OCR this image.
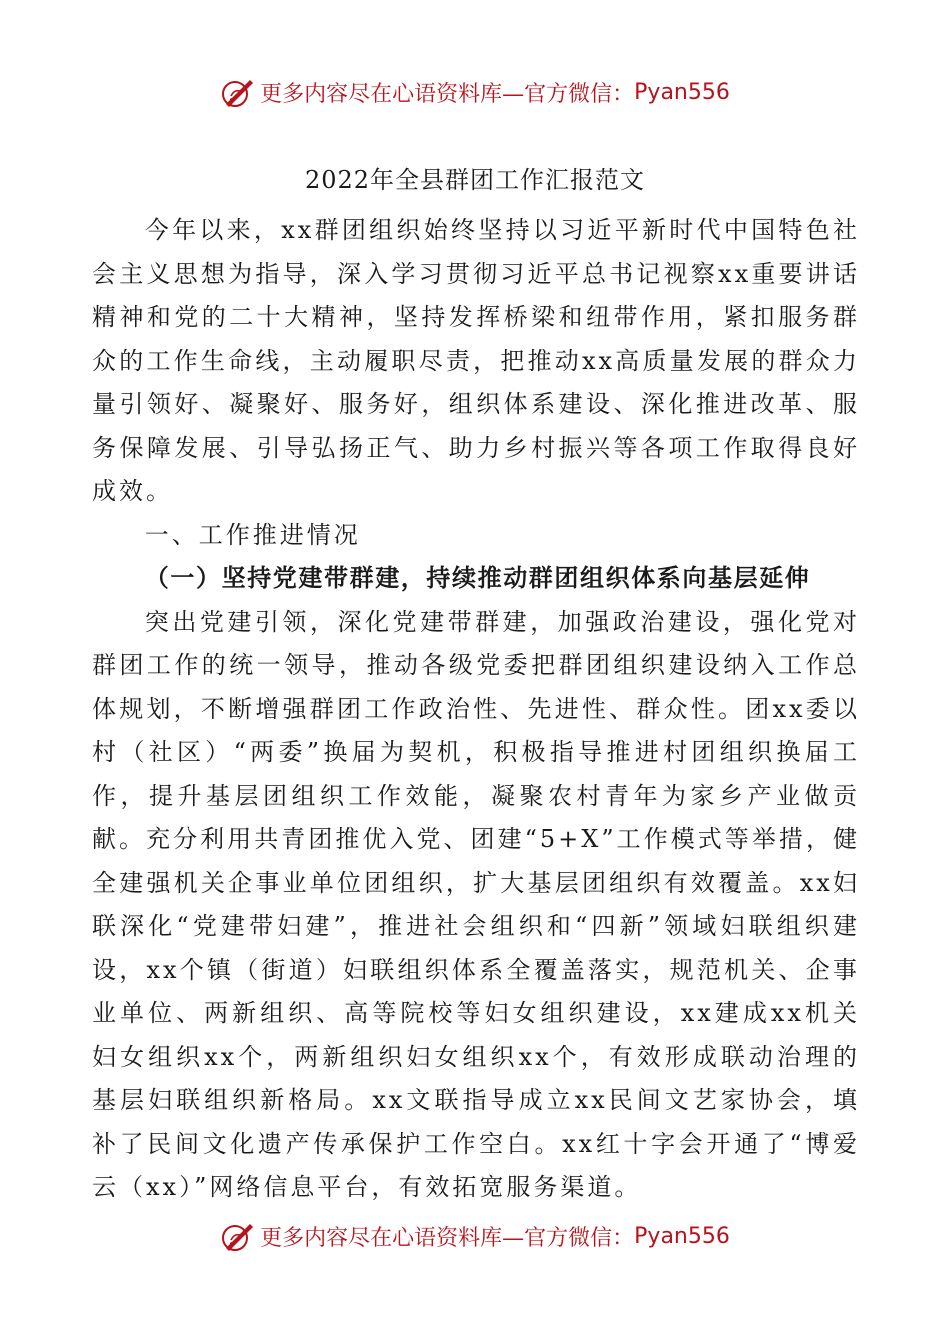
更多内容尽在心语资料库—官方微信： Pyan556
2022年全县群团工作汇报范文

今年以来，xx群团组织始终坚持以习近平新时代中国特色社会主义思想为指导，深入学习贯彻习近平总书记视察xx重要讲话精神和党的二十大精神，坚持发挥桥梁和纽带作用，紧扣服务群众的工作生命线，主动履职尽责，把推动xx高质量发展的群众力量引领好、凝聚好、服务好，组织体系建设、深化推进改革、服务保障发展、引导弘扬正气、助力乡村振兴等各项工作取得良好成效。

一、工作推进情况

（一）坚持党建带群建，持续推动群团组织体系向基层延伸

突出党建引领，深化党建带群建，加强政治建设，强化党对群团工作的统一领导，推动各级党委把群团组织建设纳入工作总体规划，不断增强群团工作政治性、先进性、群众性。团xx委以村（社区）“两委”换届为契机，积极指导推进村团组织换届工作，提升基层团组织工作效能，凝聚农村青年为家乡产业做贡献。充分利用共青团推优入党、团建“5+X”工作模式等举措，健全建强机关企事业单位团组织，扩大基层团组织有效覆盖。xx妇联深化“党建带妇建”，推进社会组织和“四新”领域妇联组织建设，xx个镇（街道）妇联组织体系全覆盖落实，规范机关、企事业单位、两新组织、高等院校等妇女组织建设，xx建成xx机关妇女组织xx个，两新组织妇女组织xx个，有效形成联动治理的基层妇联组织新格局。xx文联指导成立xx民间文艺家协会，填补了民间文化遗产传承保护工作空白。xx红十字会开通了“博爱云（xx）”网络信息平台，有效拓宽服务渠道。

更多内容尽在心语资料库—官方微信： Pyan556
